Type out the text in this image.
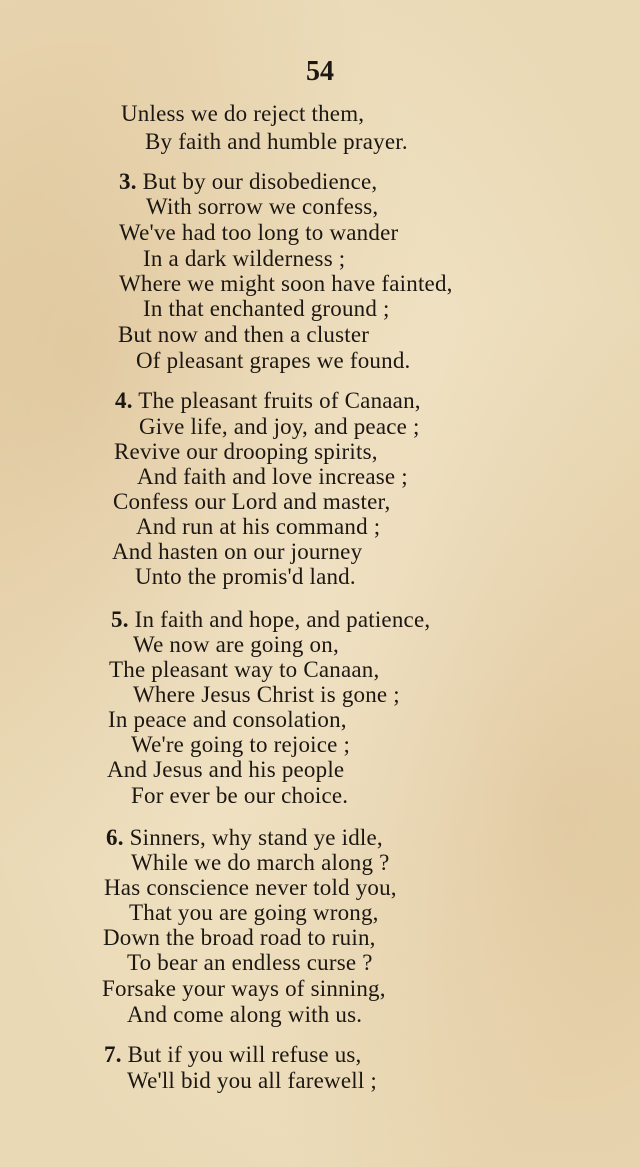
54
Unless we do reject them,
By faith and humble prayer.
3. But by our disobedience,
With sorrow we confess,
We've had too long to wander
In a dark wilderness ;
Where we might soon have fainted,
In that enchanted ground ;
But now and then a cluster
Of pleasant grapes we found.
4. The pleasant fruits of Canaan,
Give life, and joy, and peace ;
Revive our drooping spirits,
And faith and love increase ;
Confess our Lord and master,
And run at his command ;
And hasten on our journey
Unto the promis'd land.
5. In faith and hope, and patience,
We now are going on,
The pleasant way to Canaan,
Where Jesus Christ is gone ;
In peace and consolation,
We're going to rejoice ;
And Jesus and his people
For ever be our choice.
6. Sinners, why stand ye idle,
While we do march along ?
Has conscience never told you,
That you are going wrong,
Down the broad road to ruin,
To bear an endless curse ?
Forsake your ways of sinning,
And come along with us.
7. But if you will refuse us,
We'll bid you all farewell ;
